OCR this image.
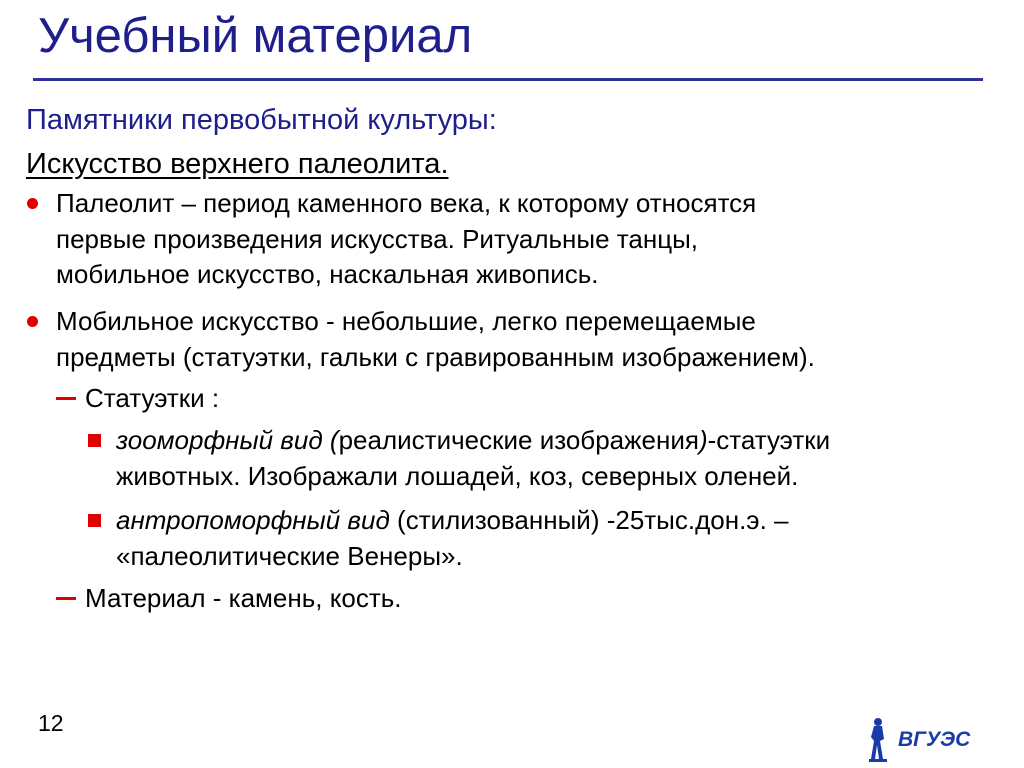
Учебный материал
Памятники первобытной культуры:
Искусство верхнего палеолита.
Палеолит – период каменного века, к которому относятся
первые произведения искусства. Ритуальные танцы,
мобильное искусство, наскальная живопись.
Мобильное искусство - небольшие, легко перемещаемые
предметы (статуэтки, гальки с гравированным изображением).
Статуэтки :
зооморфный вид (реалистические изображения)-статуэтки
животных. Изображали лошадей, коз, северных оленей.
антропоморфный вид (стилизованный) -25тыс.дон.э. –
«палеолитические Венеры».
Материал - камень, кость.
12
ВГУЭС
